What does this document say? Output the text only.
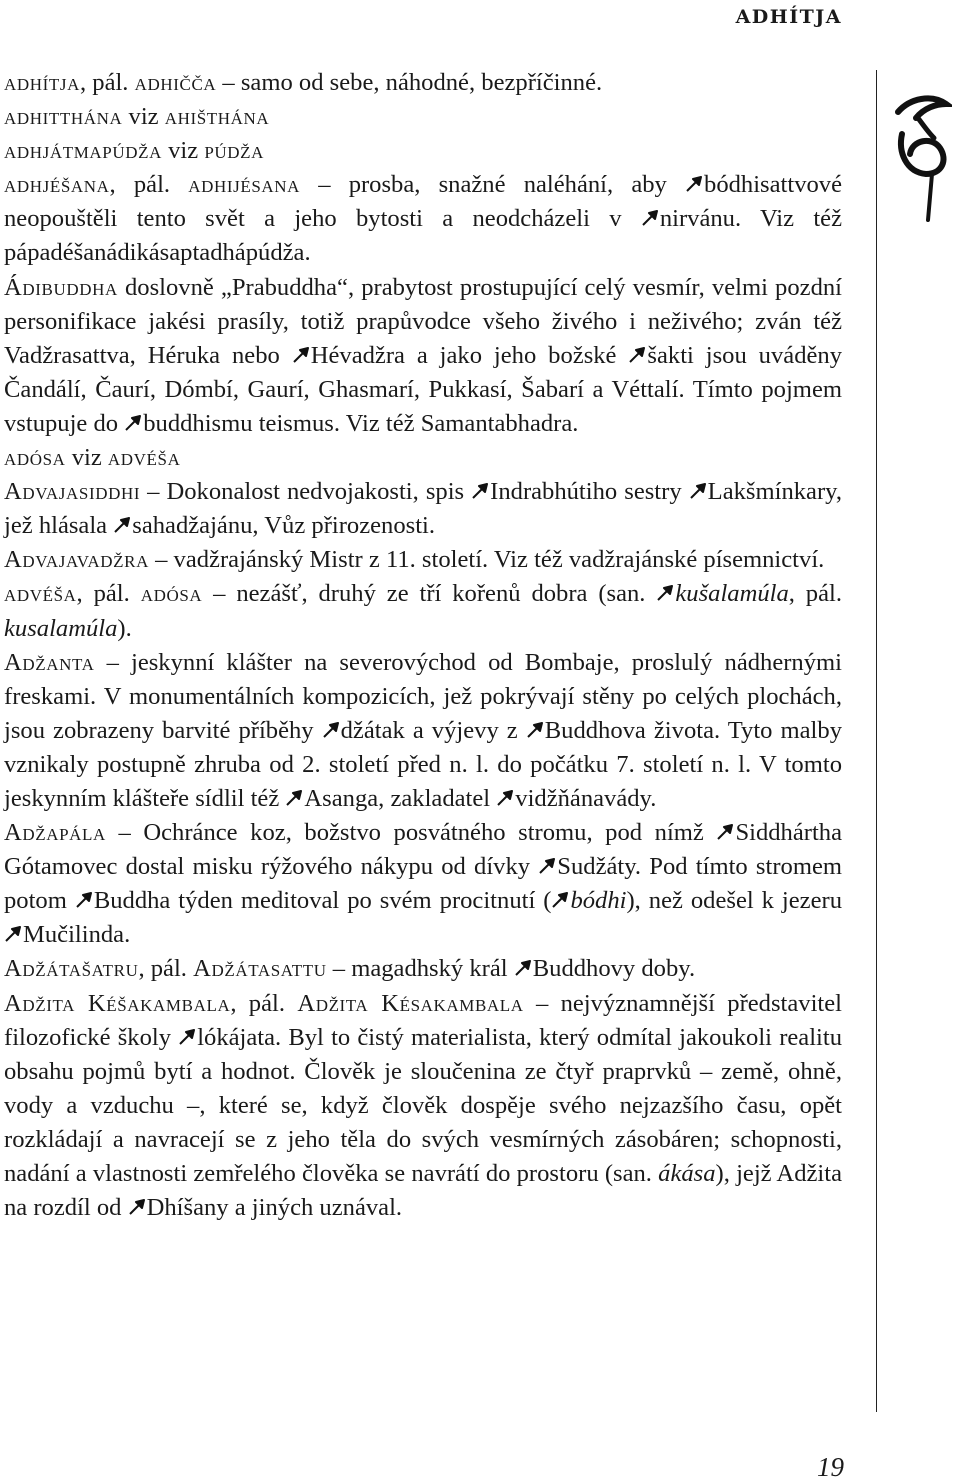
ADHÍTJA

adhítja, pál. adhiččа – samo od sebe, náhodné, bezpříčinné.

adhitthána viz ahišthána

adhjátmapúdža viz púdža

adhjéšana, pál. adhijésana – prosba, snažné naléhání, aby bódhisattvové neopouštěli tento svět a jeho bytosti a neodcházeli v nirvánu. Viz též pápadéšanádikásaptadhápúdža.

Ádibuddha doslovně „Prabuddha“, prabytost prostupující celý vesmír, velmi pozdní personifikace jakési prasíly, totiž prapůvodce všeho živého i neživého; zván též Vadžrasattva, Héruka nebo Hévadžra a jako jeho božské šakti jsou uváděny Čandálí, Čaurí, Dómbí, Gaurí, Ghasmarí, Pukkasí, Šabarí a Véttalí. Tímto pojmem vstupuje do buddhismu teismus. Viz též Samantabhadra.

adósa viz advéša

Advajasiddhi – Dokonalost nedvojakosti, spis Indrabhútiho sestry Lakšmínkary, jež hlásala sahadžajánu, Vůz přirozenosti.

Advajavadžra – vadžrajánský Mistr z 11. století. Viz též vadžrajánské písemnictví.

advéša, pál. adósa – nezášť, druhý ze tří kořenů dobra (san. kušalamúla, pál. kusalamúla).

Adžanta – jeskynní klášter na severovýchod od Bombaje, proslulý nádhernými freskami. V monumentálních kompozicích, jež pokrývají stěny po celých plochách, jsou zobrazeny barvité příběhy džátak a výjevy z Buddhova života. Tyto malby vznikaly postupně zhruba od 2. století před n. l. do počátku 7. století n. l. V tomto jeskynním klášteře sídlil též Asanga, zakladatel vidžňánavády.

Adžapála – Ochránce koz, božstvo posvátného stromu, pod nímž Siddhártha Gótamovec dostal misku rýžového nákypu od dívky Sudžáty. Pod tímto stromem potom Buddha týden meditoval po svém procitnutí ( bódhi), než odešel k jezeru Mučilinda.

Adžátašatru, pál. Adžátasattu – magadhský král Buddhovy doby.

Adžita Kéšakambala, pál. Adžita Késakambala – nejvýznamnější představitel filozofické školy lókájata. Byl to čistý materialista, který odmítal jakoukoli realitu obsahu pojmů bytí a hodnot. Člověk je sloučenina ze čtyř praprvků – země, ohně, vody a vzduchu –, které se, když člověk dospěje svého nejzazšího času, opět rozkládají a navracejí se z jeho těla do svých vesmírných zásobáren; schopnosti, nadání a vlastnosti zemřelého člověka se navrátí do prostoru (san. ákása), jejž Adžita na rozdíl od Dhíšany a jiných uznával.

19
